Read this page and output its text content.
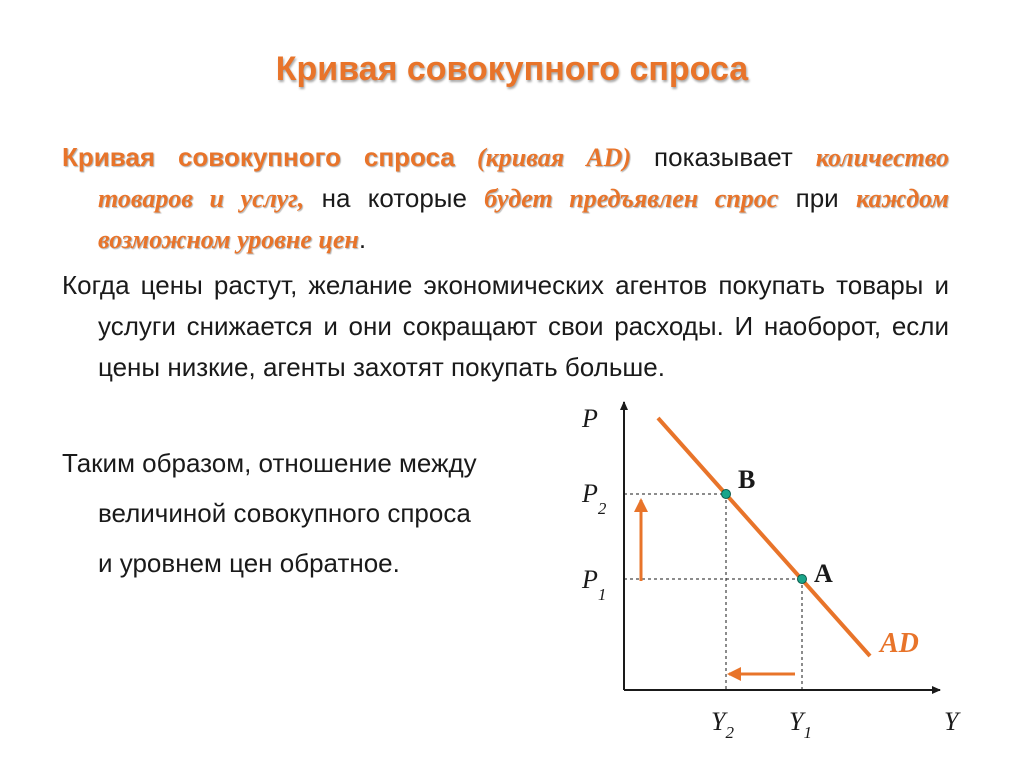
Кривая совокупного спроса

Кривая совокупного спроса (кривая AD) показывает количество товаров и услуг, на которые будет предъявлен спрос при каждом возможном уровне цен.

Когда цены растут, желание экономических агентов покупать товары и услуги снижается и они сокращают свои расходы. И наоборот, если цены низкие, агенты захотят покупать больше.

Таким образом, отношение между
величиной совокупного спроса
и уровнем цен обратное.
P
Y
$P_2$
$P_1$
$Y_2$ $Y_1$
B
A
AD
